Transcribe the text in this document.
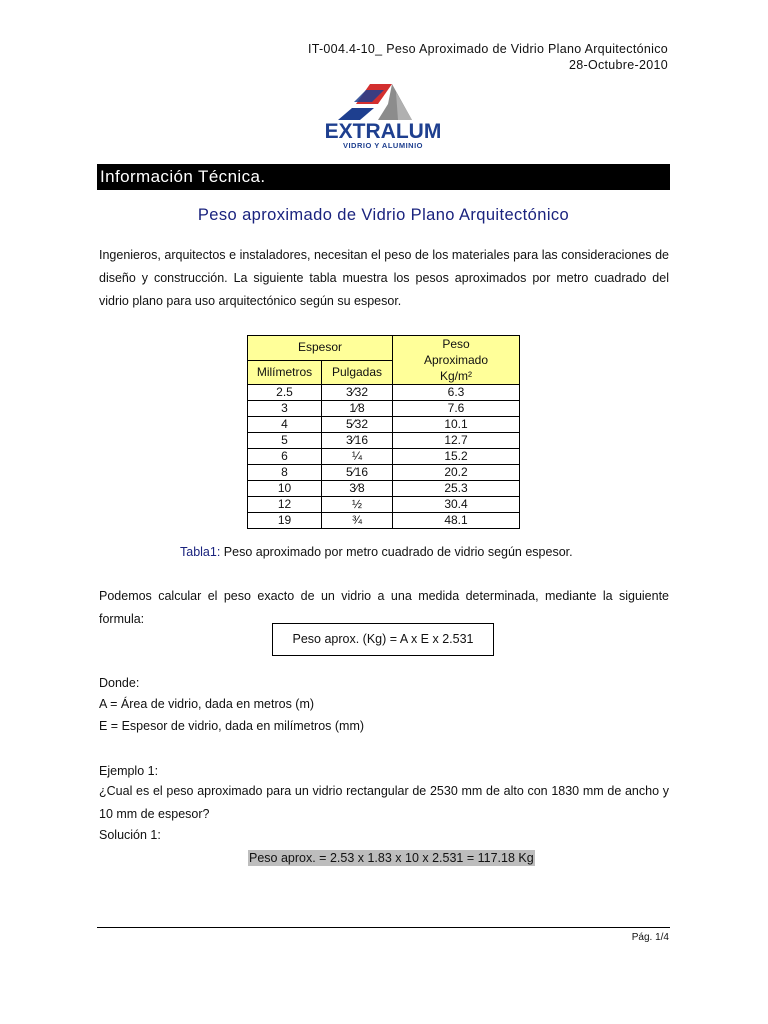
IT-004.4-10_ Peso Aproximado de Vidrio Plano Arquitectónico
28-Octubre-2010
EXTRALUM
VIDRIO Y ALUMINIO
Información Técnica.
Peso aproximado de Vidrio Plano Arquitectónico
Ingenieros, arquitectos e instaladores, necesitan el peso de los materiales para las consideraciones de diseño y construcción. La siguiente tabla muestra los pesos aproximados por metro cuadrado del vidrio plano para uso arquitectónico según su espesor.
Espesor		Peso Aproximado Kg/m²

Milímetros	Pulgadas	
2.5	3⁄32	6.3
3	1⁄8	7.6
4	5⁄32	10.1
5	3⁄16	12.7
6	¼	15.2
8	5⁄16	20.2
10	3⁄8	25.3
12	½	30.4
19	¾	48.1
Tabla1: Peso aproximado por metro cuadrado de vidrio según espesor.
Podemos calcular el peso exacto de un vidrio a una medida determinada, mediante la siguiente formula:
Peso aprox. (Kg) = A x E x 2.531
Donde:
A = Área de vidrio, dada en metros (m)
E = Espesor de vidrio, dada en milímetros (mm)
Ejemplo 1:
¿Cual es el peso aproximado para un vidrio rectangular de 2530 mm de alto con 1830 mm de ancho y 10 mm de espesor?
Solución 1:
Peso aprox. = 2.53 x 1.83 x 10 x 2.531 = 117.18 Kg
Pág. 1/4
